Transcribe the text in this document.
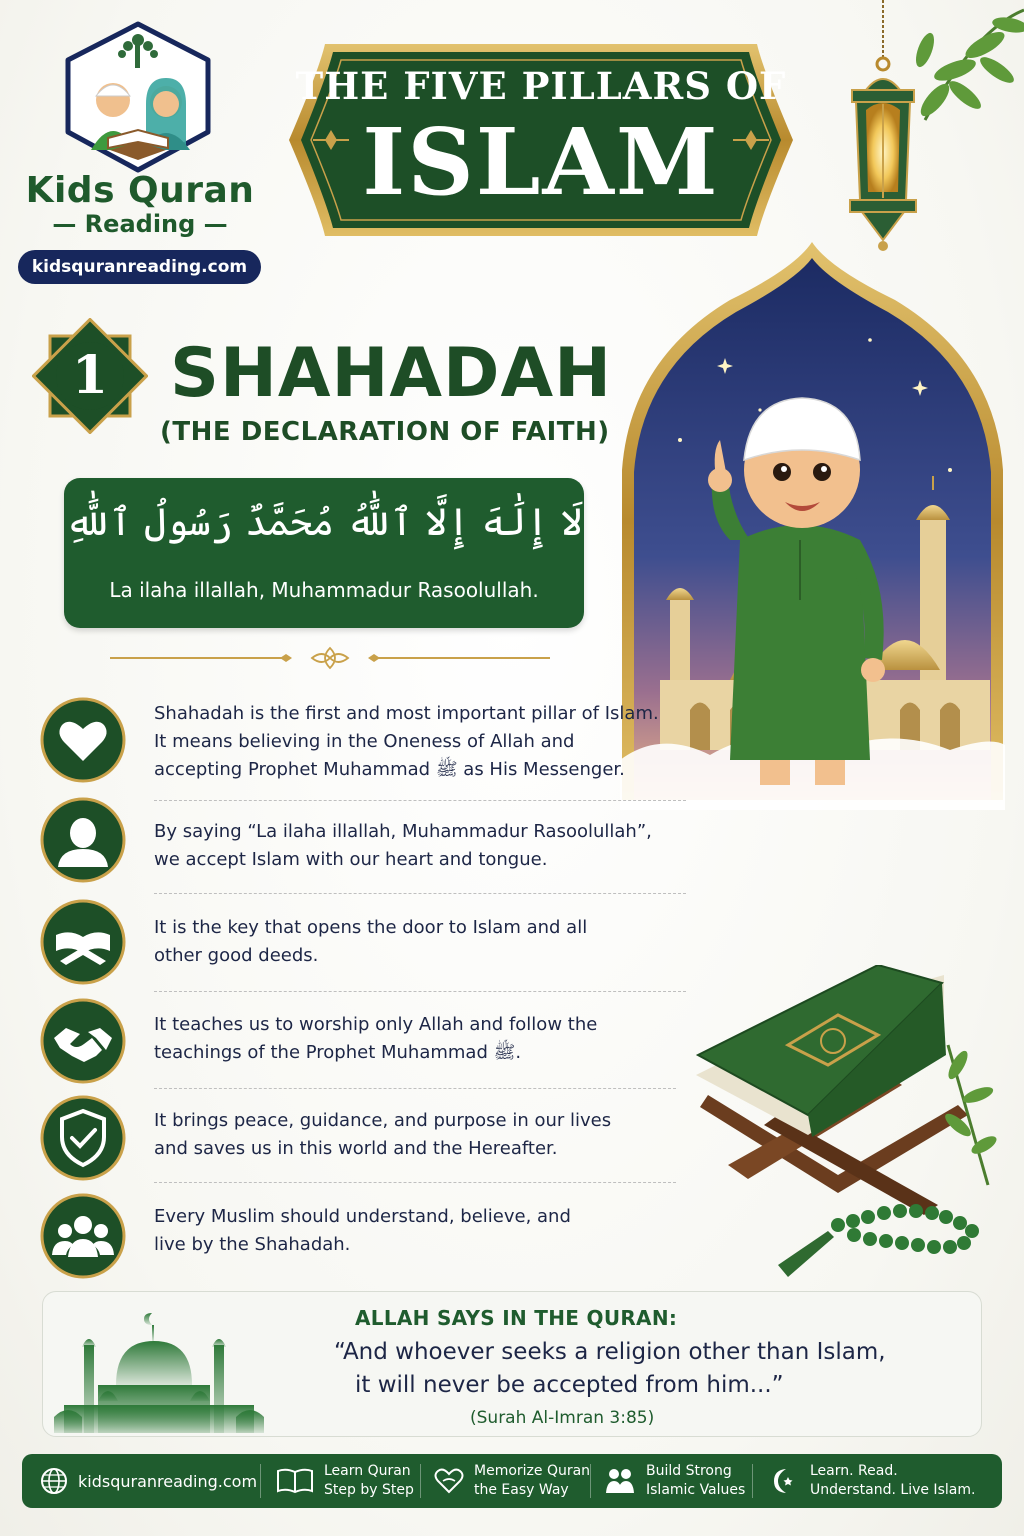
Kids Quran
— Reading —
kidsquranreading.com
THE FIVE PILLARS OF
ISLAM
1 SHAHADAH
(THE DECLARATION OF FAITH)
لَا إِلَٰهَ إِلَّا ٱللَّٰهُ مُحَمَّدٌ رَسُولُ ٱللَّٰهِ
La ilaha illallah, Muhammadur Rasoolullah.
Shahadah is the first and most important pillar of Islam.
It means believing in the Oneness of Allah and
accepting Prophet Muhammad ﷺ as His Messenger.
By saying “La ilaha illallah, Muhammadur Rasoolullah”,
we accept Islam with our heart and tongue.
It is the key that opens the door to Islam and all
other good deeds.
It teaches us to worship only Allah and follow the
teachings of the Prophet Muhammad ﷺ.
It brings peace, guidance, and purpose in our lives
and saves us in this world and the Hereafter.
Every Muslim should understand, believe, and
live by the Shahadah.
ALLAH SAYS IN THE QURAN:
“And whoever seeks a religion other than Islam,
it will never be accepted from him...”
(Surah Al-Imran 3:85)
kidsquranreading.com
Learn Quran
Step by Step
Memorize Quran
the Easy Way
Build Strong
Islamic Values
Learn. Read.
Understand. Live Islam.
